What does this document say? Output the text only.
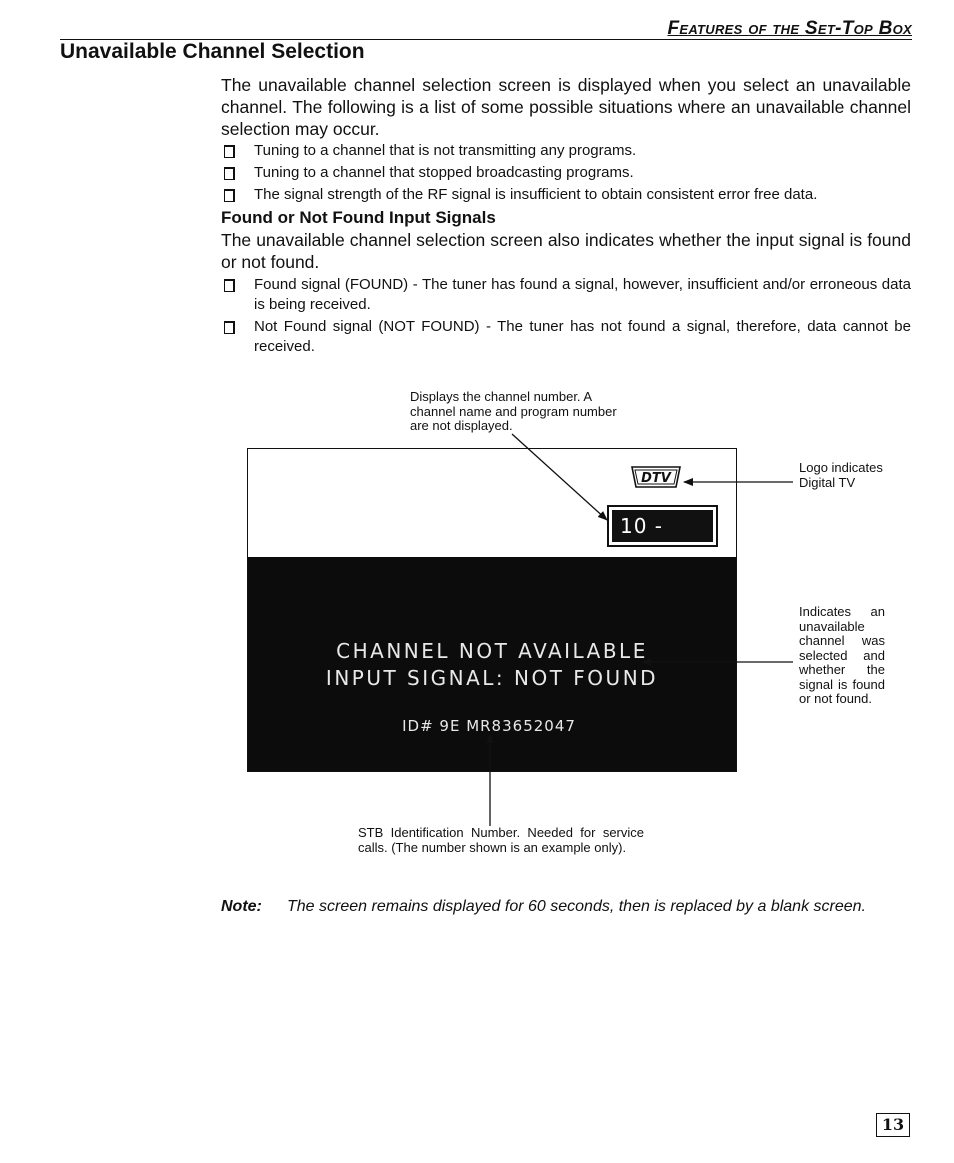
Features of the Set-Top Box
Unavailable Channel Selection

The unavailable channel selection screen is displayed when you select an unavailable channel. The following is a list of some possible situations where an unavailable channel selection may occur.

Tuning to a channel that is not transmitting any programs.
Tuning to a channel that stopped broadcasting programs.
The signal strength of the RF signal is insufficient to obtain consistent error free data.
Found or Not Found Input Signals

The unavailable channel selection screen also indicates whether the input signal is found or not found.

Found signal (FOUND) - The tuner has found a signal, however, insufficient and/or erroneous data is being received.
Not Found signal (NOT FOUND) - The tuner has not found a signal, therefore, data cannot be received.
Displays the channel number. A channel name and program number are not displayed.
Logo indicates Digital TV
Indicates an unavailable channel was selected and whether the signal is found or not found.
STB Identification Number. Needed for service calls. (The number shown is an example only).
DTV
10 -
CHANNEL NOT AVAILABLE
INPUT SIGNAL: NOT FOUND
ID# 9E MR83652047
Note: The screen remains displayed for 60 seconds, then is replaced by a blank screen.
13
